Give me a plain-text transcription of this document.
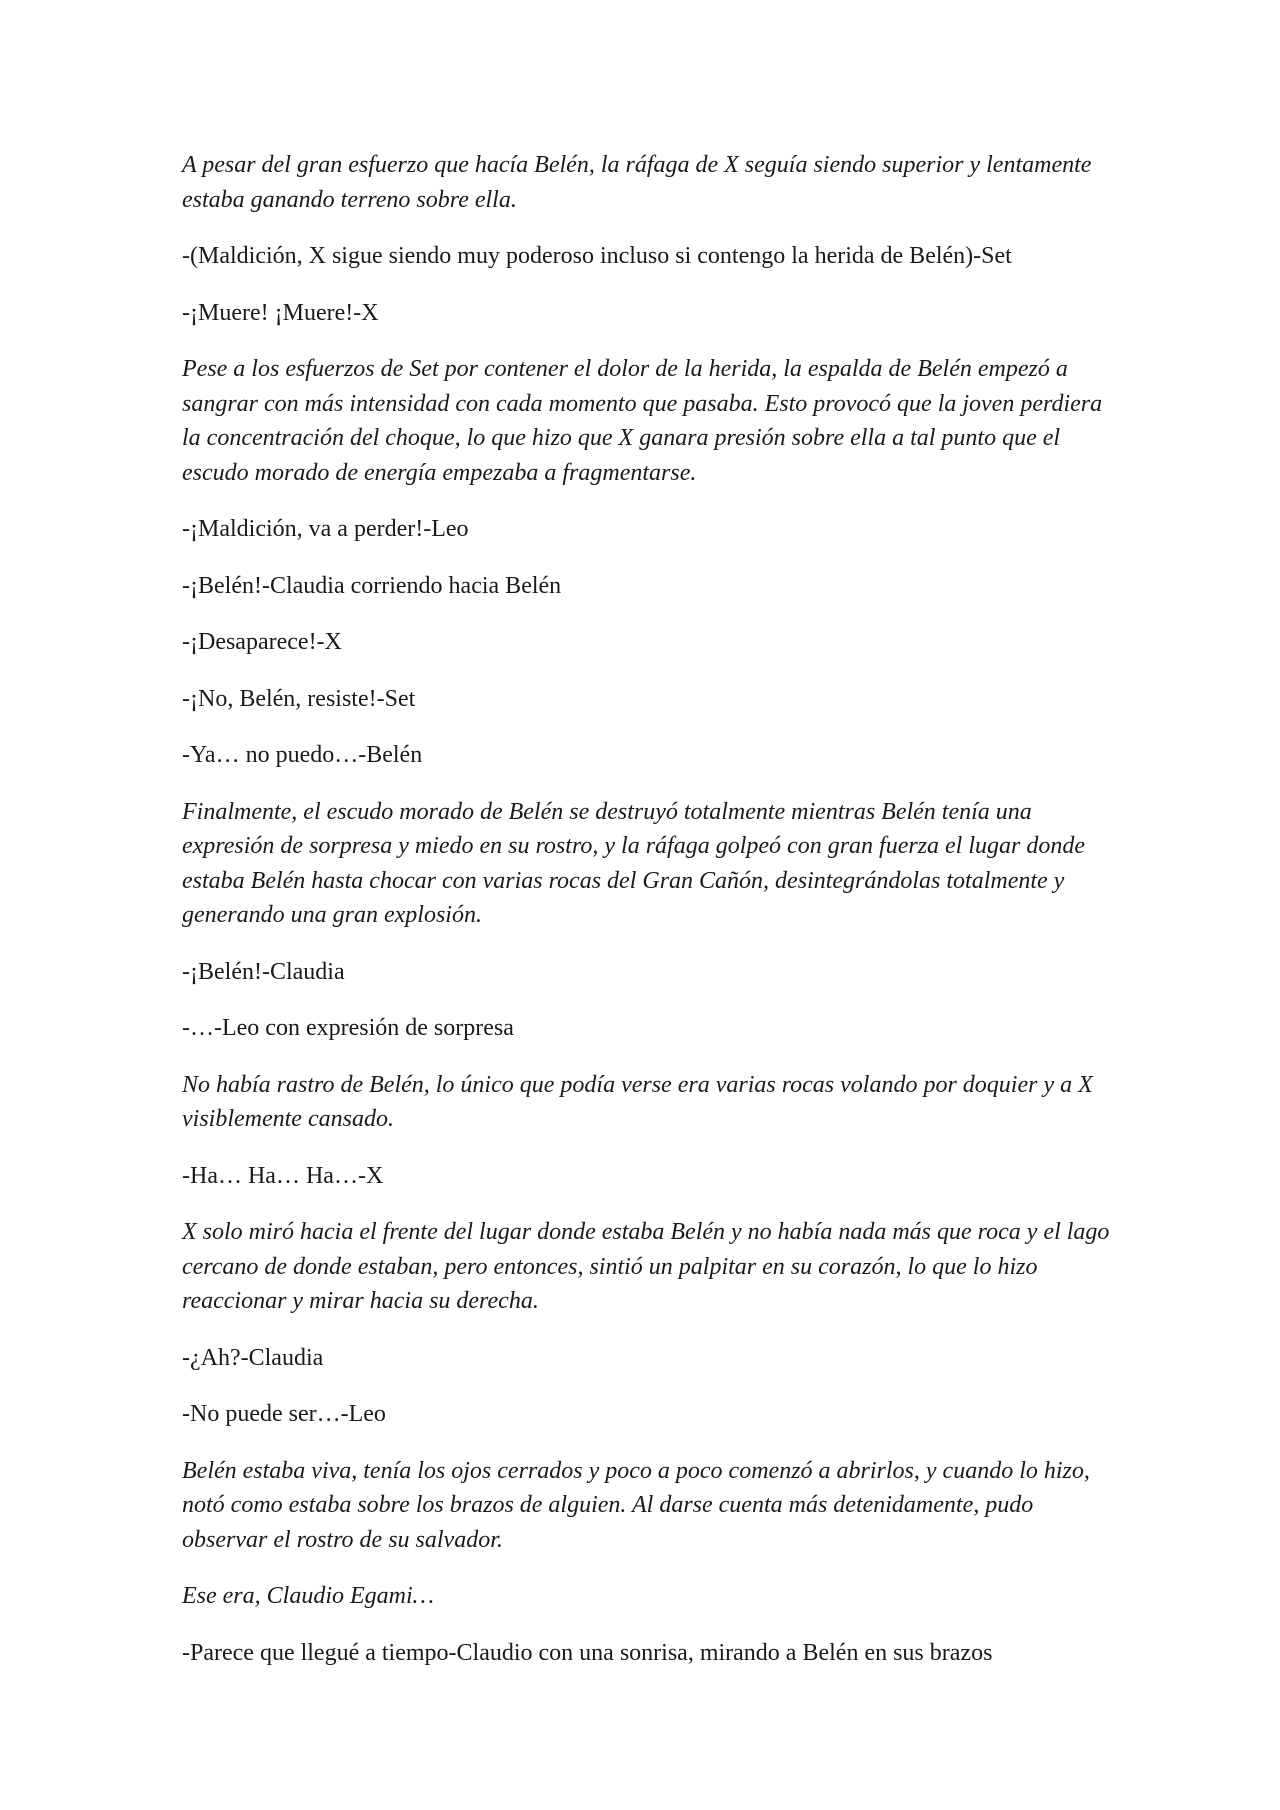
A pesar del gran esfuerzo que hacía Belén, la ráfaga de X seguía siendo superior y lentamente estaba ganando terreno sobre ella.

-(Maldición, X sigue siendo muy poderoso incluso si contengo la herida de Belén)-Set

-¡Muere! ¡Muere!-X

Pese a los esfuerzos de Set por contener el dolor de la herida, la espalda de Belén empezó a sangrar con más intensidad con cada momento que pasaba. Esto provocó que la joven perdiera la concentración del choque, lo que hizo que X ganara presión sobre ella a tal punto que el escudo morado de energía empezaba a fragmentarse.

-¡Maldición, va a perder!-Leo

-¡Belén!-Claudia corriendo hacia Belén

-¡Desaparece!-X

-¡No, Belén, resiste!-Set

-Ya… no puedo…-Belén

Finalmente, el escudo morado de Belén se destruyó totalmente mientras Belén tenía una expresión de sorpresa y miedo en su rostro, y la ráfaga golpeó con gran fuerza el lugar donde estaba Belén hasta chocar con varias rocas del Gran Cañón, desintegrándolas totalmente y generando una gran explosión.

-¡Belén!-Claudia

-…-Leo con expresión de sorpresa

No había rastro de Belén, lo único que podía verse era varias rocas volando por doquier y a X visiblemente cansado.

-Ha… Ha… Ha…-X

X solo miró hacia el frente del lugar donde estaba Belén y no había nada más que roca y el lago cercano de donde estaban, pero entonces, sintió un palpitar en su corazón, lo que lo hizo reaccionar y mirar hacia su derecha.

-¿Ah?-Claudia

-No puede ser…-Leo

Belén estaba viva, tenía los ojos cerrados y poco a poco comenzó a abrirlos, y cuando lo hizo, notó como estaba sobre los brazos de alguien. Al darse cuenta más detenidamente, pudo observar el rostro de su salvador.

Ese era, Claudio Egami…

-Parece que llegué a tiempo-Claudio con una sonrisa, mirando a Belén en sus brazos
